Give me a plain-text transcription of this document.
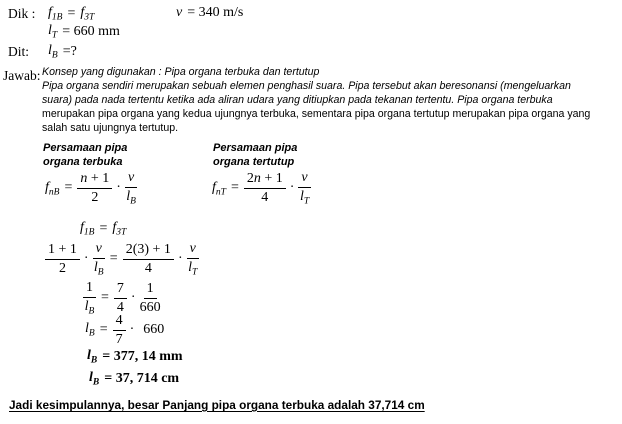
Dik : $f_{1B} = f_{3T}$	v = 340 m/s
$l_T = 660$ mm
Dit: $l_B$ =?
Jawab: Konsep yang digunakan : Pipa organa terbuka dan tertutup
Pipa organa sendiri merupakan sebuah elemen penghasil suara. Pipa tersebut akan beresonansi (mengeluarkan
suara) pada nada tertentu ketika ada aliran udara yang ditiupkan pada tekanan tertentu. Pipa organa terbuka
merupakan pipa organa yang kedua ujungnya terbuka, sementara pipa organa tertutup merupakan pipa organa yang
salah satu ujungnya tertutup.
Persamaan pipa
organa terbuka
Persamaan pipa
organa tertutup
$f_{nB} = \frac{n + 1}{2} \cdot \frac{v}{l_B}$	$f_{nT} = \frac{2n + 1}{4} \cdot \frac{v}{l_T}$
$f_{1B} = f_{3T}$
$\frac{1 + 1}{2} \cdot \frac{v}{l_B} = \frac{2(3) + 1}{4} \cdot \frac{v}{l_T}$
$\frac{1}{l_B} = \frac{7}{4} \cdot \frac{1}{660}$
$l_B = \frac{4}{7} \cdot 660$
$l_B = 377$, 14 mm
$l_B = 37$, 714 cm
Jadi kesimpulannya, besar Panjang pipa organa terbuka adalah 37,714 cm
